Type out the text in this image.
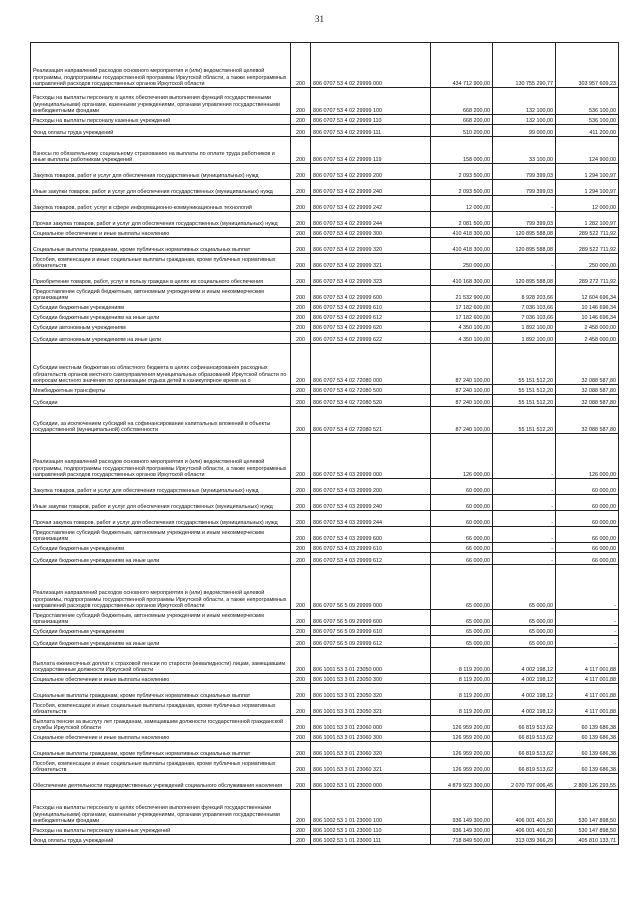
31
Реализация направлений расходов основного мероприятия и (или) ведомственной целевой программы, подпрограммы государственной программы Иркутской области, а также непрограммных направлений расходов государственных органов Иркутской области	200	806 0707 53 4 02 29999 000	434 712 900,00	130 755 290,77	303 957 609,23
Расходы на выплаты персоналу в целях обеспечения выполнения функций государственными (муниципальными) органами, казенными учреждениями, органами управления государственными внебюджетными фондами	200	806 0707 53 4 02 29999 100	668 200,00	132 100,00	536 100,00
Расходы на выплаты персоналу казенных учреждений	200	806 0707 53 4 02 29999 110	668 200,00	132 100,00	536 100,00
Фонд оплаты труда учреждений	200	806 0707 53 4 02 29999 111	510 200,00	99 000,00	411 200,00
Взносы по обязательному социальному страхованию на выплаты по оплате труда работников и иные выплаты работникам учреждений	200	806 0707 53 4 02 29999 119	158 000,00	33 100,00	124 900,00
Закупка товаров, работ и услуг для обеспечения государственных (муниципальных) нужд	200	806 0707 53 4 02 29999 200	2 093 500,00	799 399,03	1 294 100,97
Иные закупки товаров, работ и услуг для обеспечения государственных (муниципальных) нужд	200	806 0707 53 4 02 29999 240	2 093 500,00	799 399,03	1 294 100,97
Закупка товаров, работ, услуг в сфере информационно-коммуникационных технологий	200	806 0707 53 4 02 29999 242	12 000,00	-	12 000,00
Прочая закупка товаров, работ и услуг для обеспечения государственных (муниципальных) нужд	200	806 0707 53 4 02 29999 244	2 081 500,00	799 399,03	1 282 100,97
Социальное обеспечение и иные выплаты населению	200	806 0707 53 4 02 29999 300	410 418 300,00	120 895 588,08	289 522 711,92
Социальные выплаты гражданам, кроме публичных нормативных социальных выплат	200	806 0707 53 4 02 29999 320	410 418 300,00	120 895 588,08	289 522 711,92
Пособия, компенсации и иные социальные выплаты гражданам, кроме публичных нормативных обязательств	200	806 0707 53 4 02 29999 321	250 000,00	-	250 000,00
Приобретение товаров, работ, услуг в пользу граждан в целях их социального обеспечения	200	806 0707 53 4 02 29999 323	410 168 300,00	120 895 588,08	289 272 711,92
Предоставление субсидий бюджетным, автономным учреждениям и иным некоммерческим организациям	200	806 0707 53 4 02 29999 600	21 532 900,00	8 928 203,66	12 604 696,34
Субсидии бюджетным учреждениям	200	806 0707 53 4 02 29999 610	17 182 600,00	7 036 103,66	10 146 696,34
Субсидии бюджетным учреждениям на иные цели	200	806 0707 53 4 02 29999 612	17 182 600,00	7 036 103,66	10 146 696,34
Субсидии автономным учреждениям	200	806 0707 53 4 02 29999 620	4 350 100,00	1 892 100,00	2 458 000,00
Субсидии автономным учреждениям на иные цели	200	806 0707 53 4 02 29999 622	4 350 100,00	1 892 100,00	2 458 000,00
Субсидии местным бюджетам из областного бюджета в целях софинансирования расходных обязательств органов местного самоуправления муниципальных образований Иркутской области по вопросам местного значения по организации отдыха детей в каникулярное время на о	200	806 0707 53 4 02 72080 000	87 240 100,00	55 151 512,20	32 088 587,80
Межбюджетные трансферты	200	806 0707 53 4 02 72080 500	87 240 100,00	55 151 512,20	32 088 587,80
Субсидии	200	806 0707 53 4 02 72080 520	87 240 100,00	55 151 512,20	32 088 587,80
Субсидии, за исключением субсидий на софинансирование капитальных вложений в объекты государственной (муниципальной) собственности	200	806 0707 53 4 02 72080 521	87 240 100,00	55 151 512,20	32 088 587,80
Реализация направлений расходов основного мероприятия и (или) ведомственной целевой программы, подпрограммы государственной программы Иркутской области, а также непрограммных направлений расходов государственных органов Иркутской области	200	806 0707 53 4 03 29999 000	126 000,00	-	126 000,00
Закупка товаров, работ и услуг для обеспечения государственных (муниципальных) нужд	200	806 0707 53 4 03 29999 200	60 000,00	-	60 000,00
Иные закупки товаров, работ и услуг для обеспечения государственных (муниципальных) нужд	200	806 0707 53 4 03 29999 240	60 000,00	-	60 000,00
Прочая закупка товаров, работ и услуг для обеспечения государственных (муниципальных) нужд	200	806 0707 53 4 03 29999 244	60 000,00	-	60 000,00
Предоставление субсидий бюджетным, автономным учреждениям и иным некоммерческим организациям	200	806 0707 53 4 03 29999 600	66 000,00	-	66 000,00
Субсидии бюджетным учреждениям	200	806 0707 53 4 03 29999 610	66 000,00	-	66 000,00
Субсидии бюджетным учреждениям на иные цели	200	806 0707 53 4 03 29999 612	66 000,00	-	66 000,00
Реализация направлений расходов основного мероприятия и (или) ведомственной целевой программы, подпрограммы государственной программы Иркутской области, а также непрограммных направлений расходов государственных органов Иркутской области	200	806 0707 56 5 09 29999 000	65 000,00	65 000,00	-
Предоставление субсидий бюджетным, автономным учреждениям и иным некоммерческим организациям	200	806 0707 56 5 09 29999 600	65 000,00	65 000,00	-
Субсидии бюджетным учреждениям	200	806 0707 56 5 09 29999 610	65 000,00	65 000,00	-
Субсидии бюджетным учреждениям на иные цели	200	806 0707 56 5 09 29999 612	65 000,00	65 000,00	-
Выплата ежемесячных доплат к страховой пенсии по старости (инвалидности) лицам, замещавшим государственные должности Иркутской области	200	806 1001 53 3 01 23050 000	8 119 200,00	4 002 198,12	4 117 001,88
Социальное обеспечение и иные выплаты населению	200	806 1001 53 3 01 23050 300	8 119 200,00	4 002 198,12	4 117 001,88
Социальные выплаты гражданам, кроме публичных нормативных социальных выплат	200	806 1001 53 3 01 23050 320	8 119 200,00	4 002 198,12	4 117 001,88
Пособия, компенсации и иные социальные выплаты гражданам, кроме публичных нормативных обязательств	200	806 1001 53 3 01 23050 321	8 119 200,00	4 002 198,12	4 117 001,88
Выплата пенсии за выслугу лет гражданам, замещавшим должности государственной гражданской службы Иркутской области	200	806 1001 53 3 01 23060 000	126 959 200,00	66 819 513,62	60 139 686,38
Социальное обеспечение и иные выплаты населению	200	806 1001 53 3 01 23060 300	126 959 200,00	66 819 513,62	60 139 686,38
Социальные выплаты гражданам, кроме публичных нормативных социальных выплат	200	806 1001 53 3 01 23060 320	126 959 200,00	66 819 513,62	60 139 686,38
Пособия, компенсации и иные социальные выплаты гражданам, кроме публичных нормативных обязательств	200	806 1001 53 3 01 23060 321	126 959 200,00	66 819 513,62	60 139 686,38
Обеспечение деятельности подведомственных учреждений социального обслуживания населения	200	806 1002 53 1 01 23000 000	4 879 923 300,00	2 070 797 006,45	2 809 126 293,55
Расходы на выплаты персоналу в целях обеспечения выполнения функций государственными (муниципальными) органами, казенными учреждениями, органами управления государственными внебюджетными фондами	200	806 1002 53 1 01 23000 100	936 149 300,00	406 001 401,50	530 147 898,50
Расходы на выплаты персоналу казенных учреждений	200	806 1002 53 1 01 23000 110	936 149 300,00	406 001 401,50	530 147 898,50
Фонд оплаты труда учреждений	200	806 1002 53 1 01 23000 111	718 849 500,00	313 039 366,29	405 810 133,71
